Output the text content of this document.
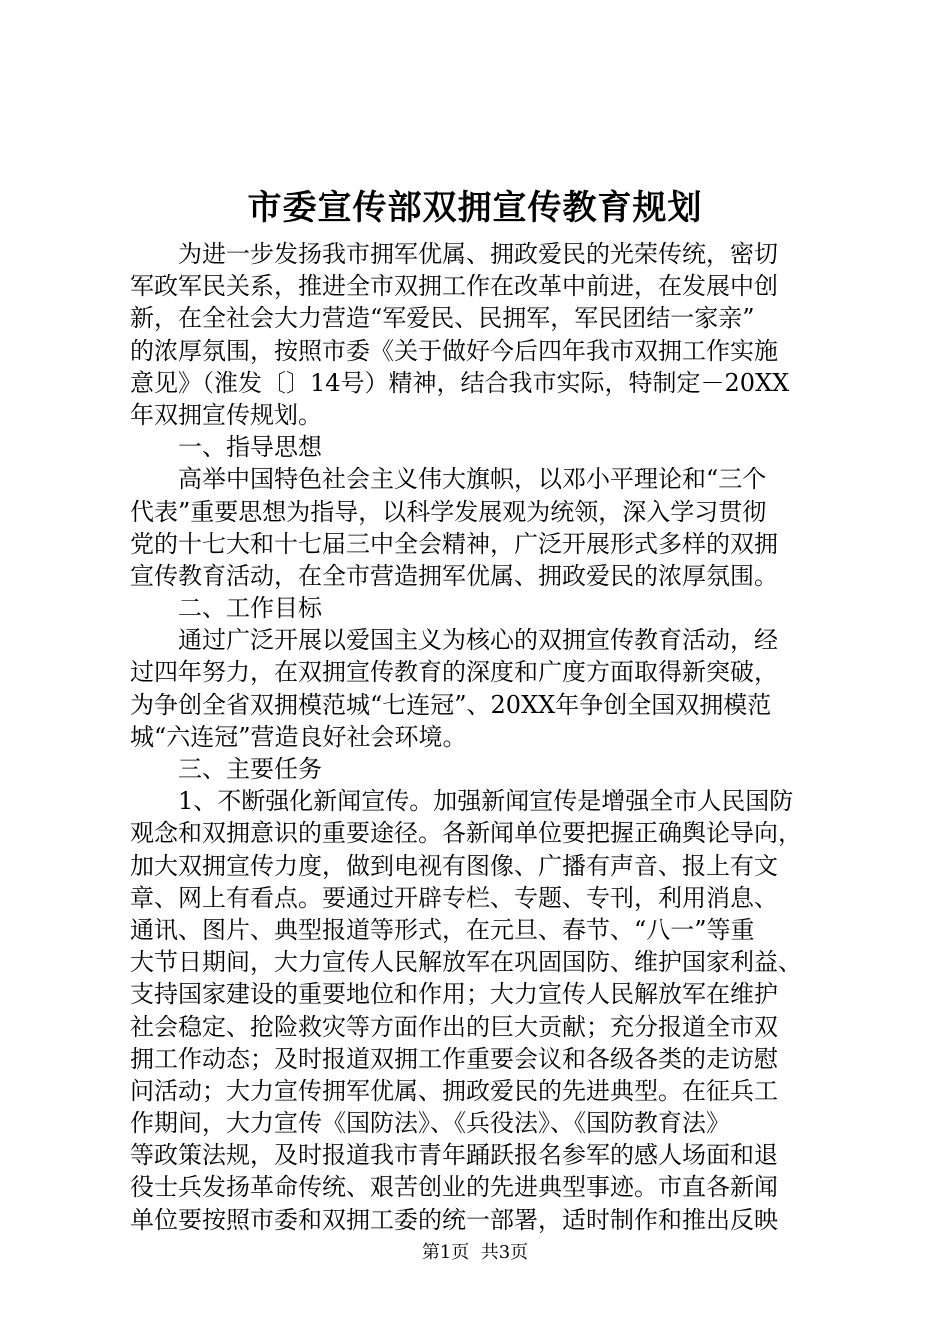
市委宣传部双拥宣传教育规划
　　为进一步发扬我市拥军优属、拥政爱民的光荣传统，密切
军政军民关系，推进全市双拥工作在改革中前进，在发展中创
新，在全社会大力营造“军爱民、民拥军，军民团结一家亲”
的浓厚氛围，按照市委《关于做好今后四年我市双拥工作实施
意见》（淮发〔〕14号）精神，结合我市实际，特制定－20XX
年双拥宣传规划。
　　一、指导思想
　　高举中国特色社会主义伟大旗帜，以邓小平理论和“三个
代表”重要思想为指导，以科学发展观为统领，深入学习贯彻
党的十七大和十七届三中全会精神，广泛开展形式多样的双拥
宣传教育活动，在全市营造拥军优属、拥政爱民的浓厚氛围。
　　二、工作目标
　　通过广泛开展以爱国主义为核心的双拥宣传教育活动，经
过四年努力，在双拥宣传教育的深度和广度方面取得新突破，
为争创全省双拥模范城“七连冠”、20XX年争创全国双拥模范
城“六连冠”营造良好社会环境。
　　三、主要任务
　　1、不断强化新闻宣传。加强新闻宣传是增强全市人民国防
观念和双拥意识的重要途径。各新闻单位要把握正确舆论导向，
加大双拥宣传力度，做到电视有图像、广播有声音、报上有文
章、网上有看点。要通过开辟专栏、专题、专刊，利用消息、
通讯、图片、典型报道等形式，在元旦、春节、“八一”等重
大节日期间，大力宣传人民解放军在巩固国防、维护国家利益、
支持国家建设的重要地位和作用；大力宣传人民解放军在维护
社会稳定、抢险救灾等方面作出的巨大贡献；充分报道全市双
拥工作动态；及时报道双拥工作重要会议和各级各类的走访慰
问活动；大力宣传拥军优属、拥政爱民的先进典型。在征兵工
作期间，大力宣传《国防法》、《兵役法》、《国防教育法》
等政策法规，及时报道我市青年踊跃报名参军的感人场面和退
役士兵发扬革命传统、艰苦创业的先进典型事迹。市直各新闻
单位要按照市委和双拥工委的统一部署，适时制作和推出反映
第1页  共3页
